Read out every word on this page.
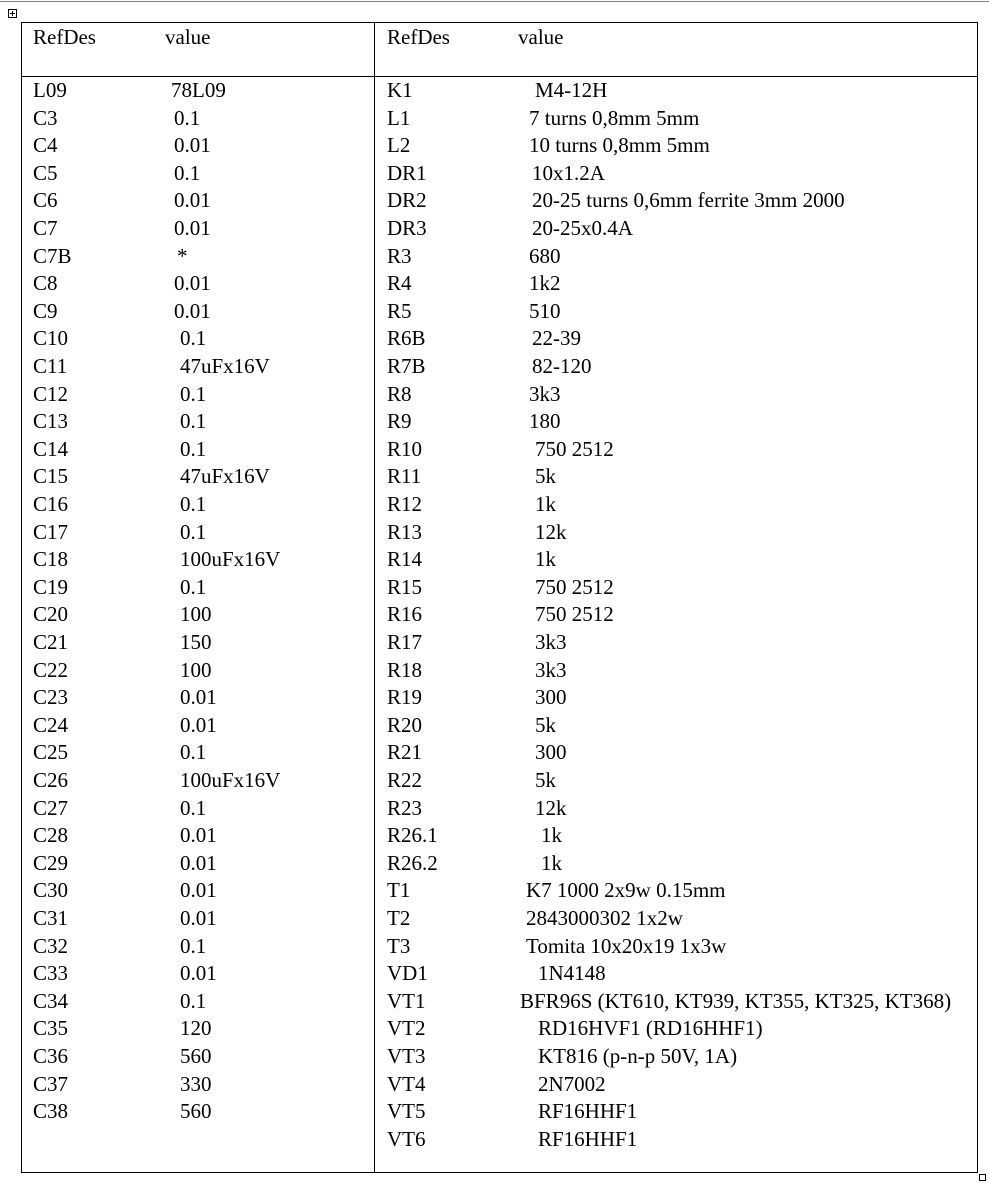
RefDes	value	RefDes	value
L09	78L09
C3	0.1
C4	0.01
C5	0.1
C6	0.01
C7	0.01
C7B	*
C8	0.01
C9	0.01
C10	0.1
C11	47uFx16V
C12	0.1
C13	0.1
C14	0.1
C15	47uFx16V
C16	0.1
C17	0.1
C18	100uFx16V
C19	0.1
C20	100
C21	150
C22	100
C23	0.01
C24	0.01
C25	0.1
C26	100uFx16V
C27	0.1
C28	0.01
C29	0.01
C30	0.01
C31	0.01
C32	0.1
C33	0.01
C34	0.1
C35	120
C36	560
C37	330
C38	560
K1	M4-12H
L1	7 turns 0,8mm 5mm
L2	10 turns 0,8mm 5mm
DR1	10x1.2A
DR2	20-25 turns 0,6mm ferrite 3mm 2000
DR3	20-25x0.4A
R3	680
R4	1k2
R5	510
R6B	22-39
R7B	82-120
R8	3k3
R9	180
R10	750 2512
R11	5k
R12	1k
R13	12k
R14	1k
R15	750 2512
R16	750 2512
R17	3k3
R18	3k3
R19	300
R20	5k
R21	300
R22	5k
R23	12k
R26.1	1k
R26.2	1k
T1	K7 1000 2x9w 0.15mm
T2	2843000302 1x2w
T3	Tomita 10x20x19 1x3w
VD1	1N4148
VT1	BFR96S (KT610, KT939, KT355, KT325, KT368)
VT2	RD16HVF1 (RD16HHF1)
VT3	KT816 (p-n-p 50V, 1A)
VT4	2N7002
VT5	RF16HHF1
VT6	RF16HHF1
